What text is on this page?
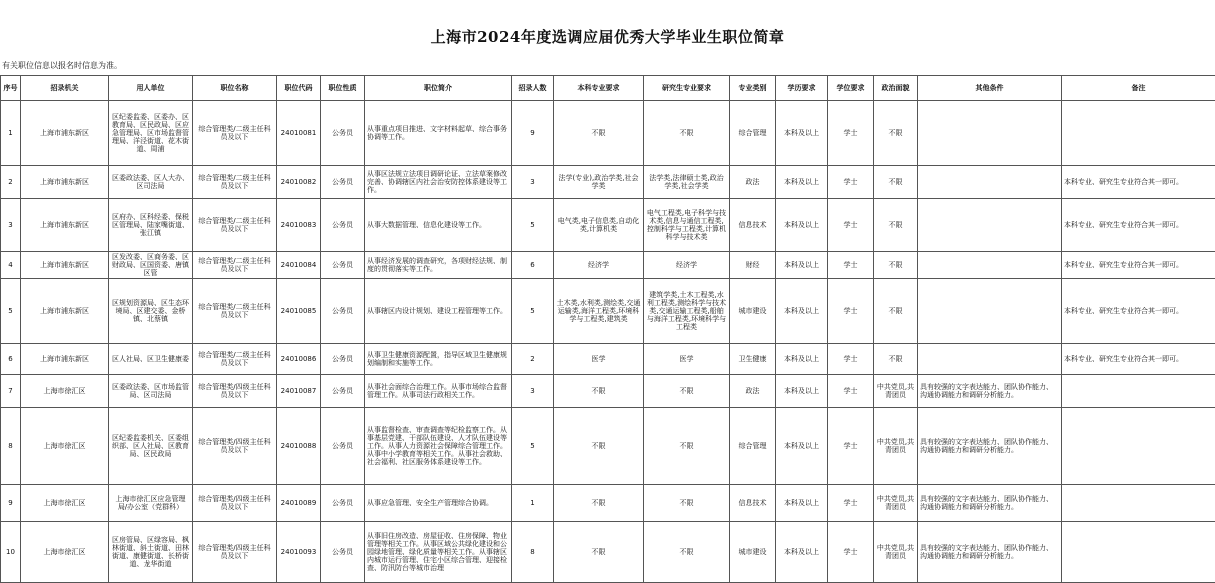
上海市2024年度选调应届优秀大学毕业生职位简章
有关职位信息以报名时信息为准。
序号	招录机关	用人单位	职位名称	职位代码	职位性质	职位简介	招录人数	本科专业要求	研究生专业要求	专业类别	学历要求	学位要求	政治面貌	其他条件	备注

1	上海市浦东新区	区纪委监委、区委办、区教育局、区民政局、区应急管理局、区市场监督管理局、洋泾街道、花木街道、周浦	综合管理类/二级主任科员及以下	24010081	公务员	从事重点项目推进、文字材料起草、综合事务协调等工作。	9	不限	不限	综合管理	本科及以上	学士	不限		

2	上海市浦东新区	区委政法委、区人大办、区司法局	综合管理类/二级主任科员及以下	24010082	公务员	从事区法规立法项目调研论证、立法草案修改完善、协调辖区内社会治安防控体系建设等工作。	3	法学(专业),政治学类,社会学类	法学类,法律硕士类,政治学类,社会学类	政法	本科及以上	学士	不限		本科专业、研究生专业符合其一即可。

3	上海市浦东新区	区府办、区科经委、保税区管理局、陆家嘴街道、张江镇	综合管理类/二级主任科员及以下	24010083	公务员	从事大数据管理、信息化建设等工作。	5	电气类,电子信息类,自动化类,计算机类	电气工程类,电子科学与技术类,信息与通信工程类,控制科学与工程类,计算机科学与技术类	信息技术	本科及以上	学士	不限		本科专业、研究生专业符合其一即可。

4	上海市浦东新区	区发改委、区商务委、区财政局、区国资委、唐镇区管	综合管理类/二级主任科员及以下	24010084	公务员	从事经济发展的调查研究，各项财经法规、制度的贯彻落实等工作。	6	经济学	经济学	财经	本科及以上	学士	不限		本科专业、研究生专业符合其一即可。

5	上海市浦东新区	区规划资源局、区生态环境局、区建交委、金桥镇、北蔡镇	综合管理类/二级主任科员及以下	24010085	公务员	从事辖区内设计规划、建设工程管理等工作。	5	土木类,水利类,测绘类,交通运输类,海洋工程类,环境科学与工程类,建筑类	建筑学类,土木工程类,水利工程类,测绘科学与技术类,交通运输工程类,船舶与海洋工程类,环境科学与工程类	城市建设	本科及以上	学士	不限		本科专业、研究生专业符合其一即可。

6	上海市浦东新区	区人社局、区卫生健康委	综合管理类/二级主任科员及以下	24010086	公务员	从事卫生健康资源配置，指导区域卫生健康规划编制和实施等工作。	2	医学	医学	卫生健康	本科及以上	学士	不限		本科专业、研究生专业符合其一即可。

7	上海市徐汇区	区委政法委、区市场监管局、区司法局	综合管理类/四级主任科员及以下	24010087	公务员	从事社会面综合治理工作。从事市场综合监督管理工作。从事司法行政相关工作。	3	不限	不限	政法	本科及以上	学士	中共党员,共青团员	具有较强的文字表达能力、团队协作能力、沟通协调能力和调研分析能力。	

8	上海市徐汇区	区纪委监委机关、区委组织部、区人社局、区教育局、区民政局	综合管理类/四级主任科员及以下	24010088	公务员	从事监督检查、审查调查等纪检监察工作。从事基层党建、干部队伍建设、人才队伍建设等工作。从事人力资源社会保障综合管理工作。从事中小学教育等相关工作。从事社会救助、社会福利、社区服务体系建设等工作。	5	不限	不限	综合管理	本科及以上	学士	中共党员,共青团员	具有较强的文字表达能力、团队协作能力、沟通协调能力和调研分析能力。	

9	上海市徐汇区	上海市徐汇区应急管理局/办公室（党群科）	综合管理类/四级主任科员及以下	24010089	公务员	从事应急管理、安全生产管理综合协调。	1	不限	不限	信息技术	本科及以上	学士	中共党员,共青团员	具有较强的文字表达能力、团队协作能力、沟通协调能力和调研分析能力。	

10	上海市徐汇区	区房管局、区绿容局、枫林街道、斜土街道、田林街道、康健街道、长桥街道、龙华街道	综合管理类/四级主任科员及以下	24010093	公务员	从事旧住房改造、房屋征收、住房保障、物业管理等相关工作。从事区域公共绿化建设和公园绿地管理、绿化质量等相关工作。从事辖区内城市运行管理、住宅小区综合管理、迎接检查、防汛防台等城市治理	8	不限	不限	城市建设	本科及以上	学士	中共党员,共青团员	具有较强的文字表达能力、团队协作能力、沟通协调能力和调研分析能力。	
